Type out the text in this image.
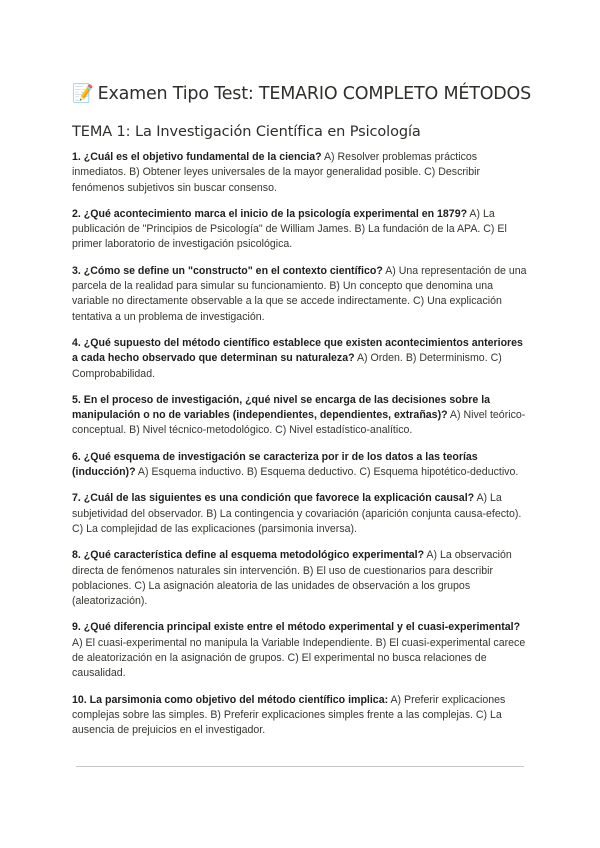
📝 Examen Tipo Test: TEMARIO COMPLETO MÉTODOS
TEMA 1: La Investigación Científica en Psicología

1. ¿Cuál es el objetivo fundamental de la ciencia? A) Resolver problemas prácticos inmediatos. B) Obtener leyes universales de la mayor generalidad posible. C) Describir fenómenos subjetivos sin buscar consenso.

2. ¿Qué acontecimiento marca el inicio de la psicología experimental en 1879? A) La publicación de "Principios de Psicología" de William James. B) La fundación de la APA. C) El primer laboratorio de investigación psicológica.

3. ¿Cómo se define un "constructo" en el contexto científico? A) Una representación de una parcela de la realidad para simular su funcionamiento. B) Un concepto que denomina una variable no directamente observable a la que se accede indirectamente. C) Una explicación tentativa a un problema de investigación.

4. ¿Qué supuesto del método científico establece que existen acontecimientos anteriores a cada hecho observado que determinan su naturaleza? A) Orden. B) Determinismo. C) Comprobabilidad.

5. En el proceso de investigación, ¿qué nivel se encarga de las decisiones sobre la manipulación o no de variables (independientes, dependientes, extrañas)? A) Nivel teórico-conceptual. B) Nivel técnico-metodológico. C) Nivel estadístico-analítico.

6. ¿Qué esquema de investigación se caracteriza por ir de los datos a las teorías (inducción)? A) Esquema inductivo. B) Esquema deductivo. C) Esquema hipotético-deductivo.

7. ¿Cuál de las siguientes es una condición que favorece la explicación causal? A) La subjetividad del observador. B) La contingencia y covariación (aparición conjunta causa-efecto). C) La complejidad de las explicaciones (parsimonia inversa).

8. ¿Qué característica define al esquema metodológico experimental? A) La observación directa de fenómenos naturales sin intervención. B) El uso de cuestionarios para describir poblaciones. C) La asignación aleatoria de las unidades de observación a los grupos (aleatorización).

9. ¿Qué diferencia principal existe entre el método experimental y el cuasi-experimental? A) El cuasi-experimental no manipula la Variable Independiente. B) El cuasi-experimental carece de aleatorización en la asignación de grupos. C) El experimental no busca relaciones de causalidad.

10. La parsimonia como objetivo del método científico implica: A) Preferir explicaciones complejas sobre las simples. B) Preferir explicaciones simples frente a las complejas. C) La ausencia de prejuicios en el investigador.
